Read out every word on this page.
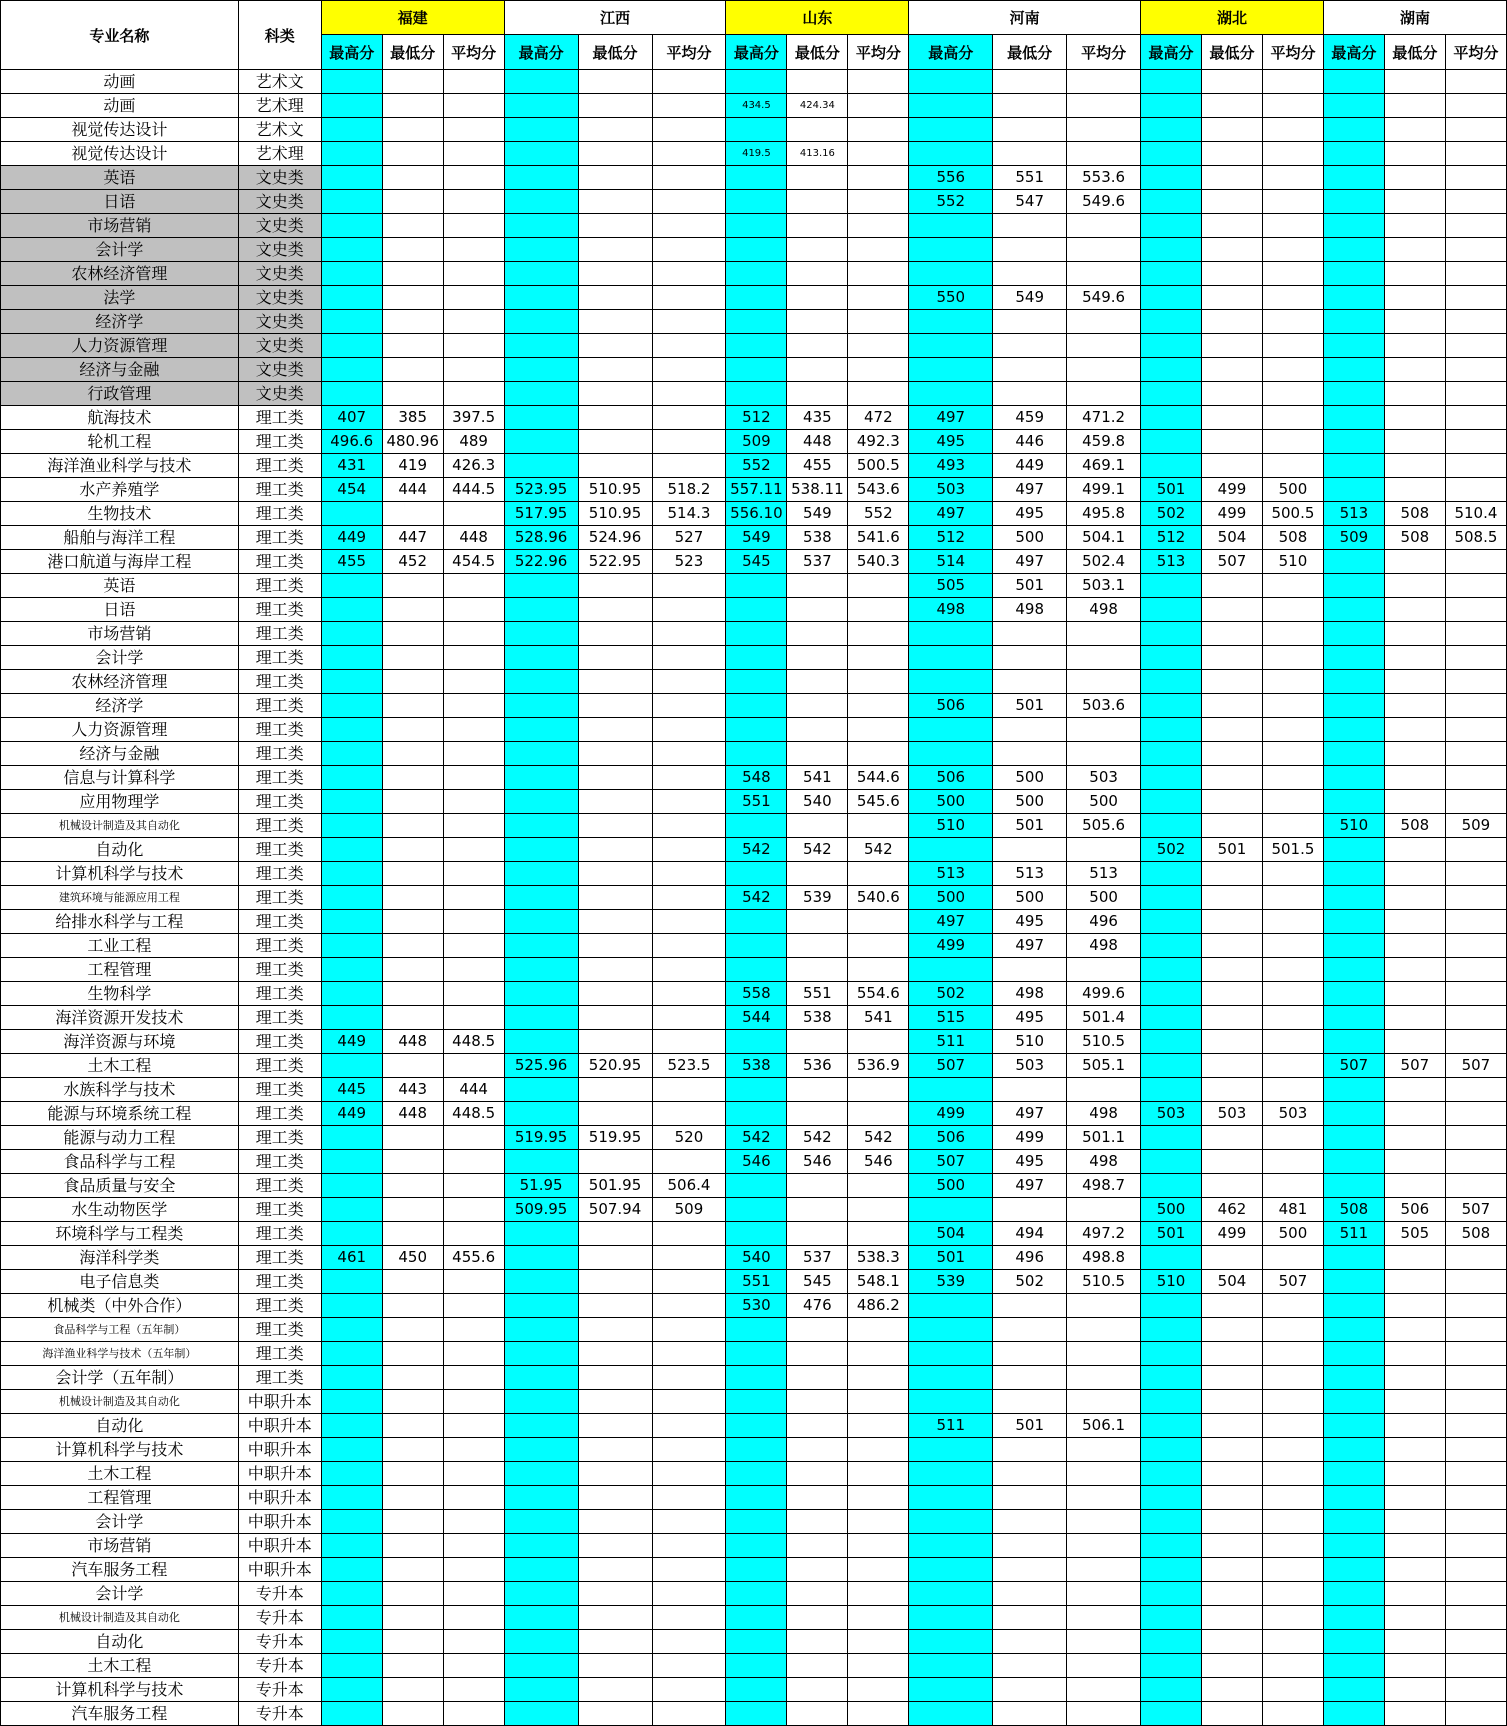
专业名称	科类	福建			江西			山东			河南			湖北			湖南		
		最高分	最低分	平均分	最高分	最低分	平均分	最高分	最低分	平均分	最高分	最低分	平均分	最高分	最低分	平均分	最高分	最低分	平均分
动画	艺术文																		
动画	艺术理							434.5	424.34										
视觉传达设计	艺术文																		
视觉传达设计	艺术理							419.5	413.16										
英语	文史类										556	551	553.6						
日语	文史类										552	547	549.6						
市场营销	文史类																		
会计学	文史类																		
农林经济管理	文史类																		
法学	文史类										550	549	549.6						
经济学	文史类																		
人力资源管理	文史类																		
经济与金融	文史类																		
行政管理	文史类																		
航海技术	理工类	407	385	397.5				512	435	472	497	459	471.2						
轮机工程	理工类	496.6	480.96	489				509	448	492.3	495	446	459.8						
海洋渔业科学与技术	理工类	431	419	426.3				552	455	500.5	493	449	469.1						
水产养殖学	理工类	454	444	444.5	523.95	510.95	518.2	557.11	538.11	543.6	503	497	499.1	501	499	500			
生物技术	理工类				517.95	510.95	514.3	556.10	549	552	497	495	495.8	502	499	500.5	513	508	510.4
船舶与海洋工程	理工类	449	447	448	528.96	524.96	527	549	538	541.6	512	500	504.1	512	504	508	509	508	508.5
港口航道与海岸工程	理工类	455	452	454.5	522.96	522.95	523	545	537	540.3	514	497	502.4	513	507	510			
英语	理工类										505	501	503.1						
日语	理工类										498	498	498						
市场营销	理工类																		
会计学	理工类																		
农林经济管理	理工类																		
经济学	理工类										506	501	503.6						
人力资源管理	理工类																		
经济与金融	理工类																		
信息与计算科学	理工类							548	541	544.6	506	500	503						
应用物理学	理工类							551	540	545.6	500	500	500						
机械设计制造及其自动化	理工类										510	501	505.6				510	508	509
自动化	理工类							542	542	542				502	501	501.5			
计算机科学与技术	理工类										513	513	513						
建筑环境与能源应用工程	理工类							542	539	540.6	500	500	500						
给排水科学与工程	理工类										497	495	496						
工业工程	理工类										499	497	498						
工程管理	理工类																		
生物科学	理工类							558	551	554.6	502	498	499.6						
海洋资源开发技术	理工类							544	538	541	515	495	501.4						
海洋资源与环境	理工类	449	448	448.5							511	510	510.5						
土木工程	理工类				525.96	520.95	523.5	538	536	536.9	507	503	505.1				507	507	507
水族科学与技术	理工类	445	443	444															
能源与环境系统工程	理工类	449	448	448.5							499	497	498	503	503	503			
能源与动力工程	理工类				519.95	519.95	520	542	542	542	506	499	501.1						
食品科学与工程	理工类							546	546	546	507	495	498						
食品质量与安全	理工类				51.95	501.95	506.4				500	497	498.7						
水生动物医学	理工类				509.95	507.94	509							500	462	481	508	506	507
环境科学与工程类	理工类										504	494	497.2	501	499	500	511	505	508
海洋科学类	理工类	461	450	455.6				540	537	538.3	501	496	498.8						
电子信息类	理工类							551	545	548.1	539	502	510.5	510	504	507			
机械类（中外合作）	理工类							530	476	486.2									
食品科学与工程（五年制）	理工类																		
海洋渔业科学与技术（五年制）	理工类																		
会计学（五年制）	理工类																		
机械设计制造及其自动化	中职升本																		
自动化	中职升本										511	501	506.1						
计算机科学与技术	中职升本																		
土木工程	中职升本																		
工程管理	中职升本																		
会计学	中职升本																		
市场营销	中职升本																		
汽车服务工程	中职升本																		
会计学	专升本																		
机械设计制造及其自动化	专升本																		
自动化	专升本																		
土木工程	专升本																		
计算机科学与技术	专升本																		
汽车服务工程	专升本																		
